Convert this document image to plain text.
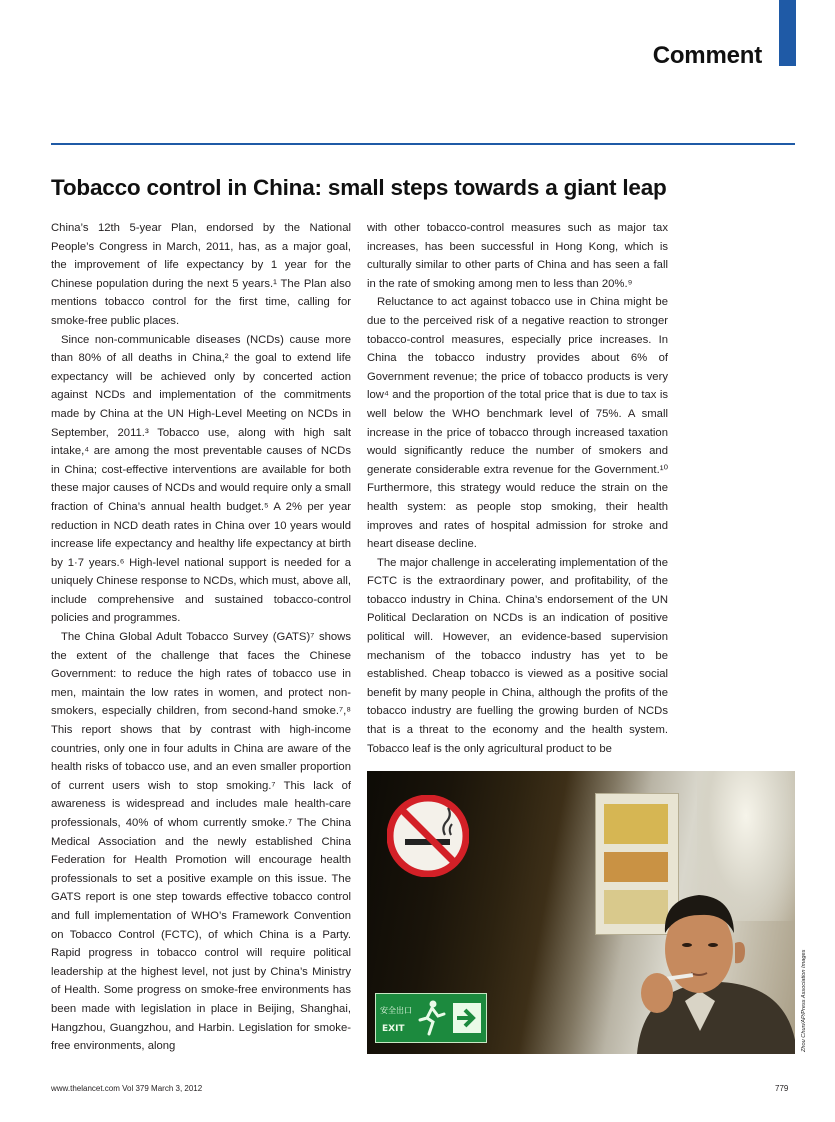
Comment
Tobacco control in China: small steps towards a giant leap

China’s 12th 5-year Plan, endorsed by the National People’s Congress in March, 2011, has, as a major goal, the improvement of life expectancy by 1 year for the Chinese population during the next 5 years.¹ The Plan also mentions tobacco control for the first time, calling for smoke-free public places.

Since non-communicable diseases (NCDs) cause more than 80% of all deaths in China,² the goal to extend life expectancy will be achieved only by concerted action against NCDs and implementation of the commitments made by China at the UN High-Level Meeting on NCDs in September, 2011.³ Tobacco use, along with high salt intake,⁴ are among the most preventable causes of NCDs in China; cost-effective interventions are available for both these major causes of NCDs and would require only a small fraction of China’s annual health budget.⁵ A 2% per year reduction in NCD death rates in China over 10 years would increase life expectancy and healthy life expectancy at birth by 1·7 years.⁶ High-level national support is needed for a uniquely Chinese response to NCDs, which must, above all, include comprehensive and sustained tobacco-control policies and programmes.

The China Global Adult Tobacco Survey (GATS)⁷ shows the extent of the challenge that faces the Chinese Government: to reduce the high rates of tobacco use in men, maintain the low rates in women, and protect non-smokers, especially children, from second-hand smoke.⁷,⁸ This report shows that by contrast with high-income countries, only one in four adults in China are aware of the health risks of tobacco use, and an even smaller proportion of current users wish to stop smoking.⁷ This lack of awareness is widespread and includes male health-care professionals, 40% of whom currently smoke.⁷ The China Medical Association and the newly established China Federation for Health Promotion will encourage health professionals to set a positive example on this issue. The GATS report is one step towards effective tobacco control and full implementation of WHO’s Framework Convention on Tobacco Control (FCTC), of which China is a Party. Rapid progress in tobacco control will require political leadership at the highest level, not just by China’s Ministry of Health. Some progress on smoke-free environments has been made with legislation in place in Beijing, Shanghai, Hangzhou, Guangzhou, and Harbin. Legislation for smoke-free environments, along

with other tobacco-control measures such as major tax increases, has been successful in Hong Kong, which is culturally similar to other parts of China and has seen a fall in the rate of smoking among men to less than 20%.⁹

Reluctance to act against tobacco use in China might be due to the perceived risk of a negative reaction to stronger tobacco-control measures, especially price increases. In China the tobacco industry provides about 6% of Government revenue; the price of tobacco products is very low⁴ and the proportion of the total price that is due to tax is well below the WHO benchmark level of 75%. A small increase in the price of tobacco through increased taxation would significantly reduce the number of smokers and generate considerable extra revenue for the Government.¹⁰ Furthermore, this strategy would reduce the strain on the health system: as people stop smoking, their health improves and rates of hospital admission for stroke and heart disease decline.

The major challenge in accelerating implementation of the FCTC is the extraordinary power, and profitability, of the tobacco industry in China. China’s endorsement of the UN Political Declaration on NCDs is an indication of positive political will. However, an evidence-based supervision mechanism of the tobacco industry has yet to be established. Cheap tobacco is viewed as a positive social benefit by many people in China, although the profits of the tobacco industry are fuelling the growing burden of NCDs that is a threat to the economy and the health system. Tobacco leaf is the only agricultural product to be

安全出口
EXIT	Zhou Chun/AP/Press Association Images
www.thelancet.com Vol 379 March 3, 2012	779
